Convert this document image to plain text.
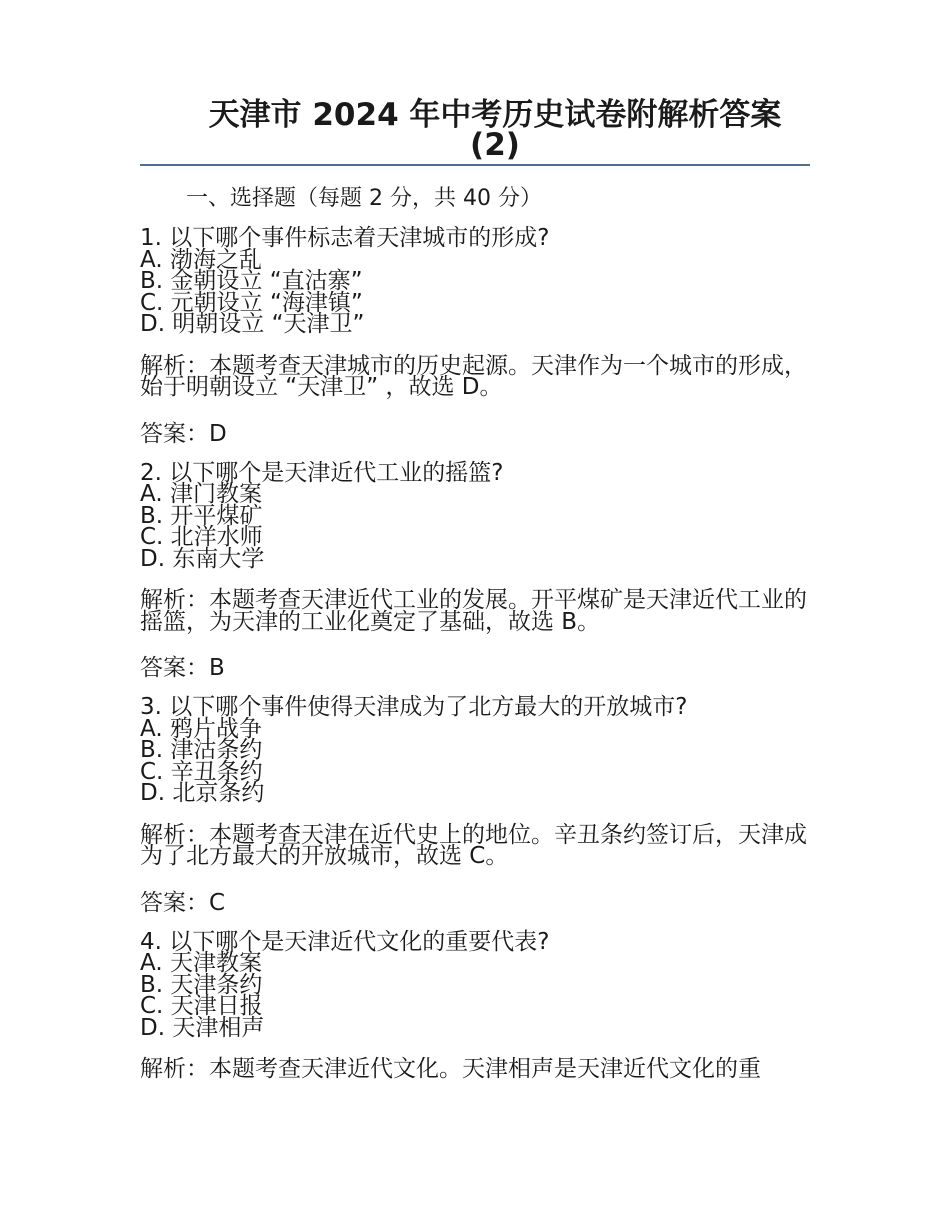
天津市 2024 年中考历史试卷附解析答案
(2)
一、选择题（每题 2 分，共 40 分）
1. 以下哪个事件标志着天津城市的形成?
A. 渤海之乱
B. 金朝设立 “直沽寨”
C. 元朝设立 “海津镇”
D. 明朝设立 “天津卫”
解析：本题考查天津城市的历史起源。天津作为一个城市的形成，始于明朝设立 “天津卫” ，故选 D。
答案：D
2. 以下哪个是天津近代工业的摇篮?
A. 津门教案
B. 开平煤矿
C. 北洋水师
D. 东南大学
解析：本题考查天津近代工业的发展。开平煤矿是天津近代工业的摇篮，为天津的工业化奠定了基础，故选 B。
答案：B
3. 以下哪个事件使得天津成为了北方最大的开放城市?
A. 鸦片战争
B. 津沽条约
C. 辛丑条约
D. 北京条约
解析：本题考查天津在近代史上的地位。辛丑条约签订后，天津成为了北方最大的开放城市，故选 C。
答案：C
4. 以下哪个是天津近代文化的重要代表?
A. 天津教案
B. 天津条约
C. 天津日报
D. 天津相声
解析：本题考查天津近代文化。天津相声是天津近代文化的重
